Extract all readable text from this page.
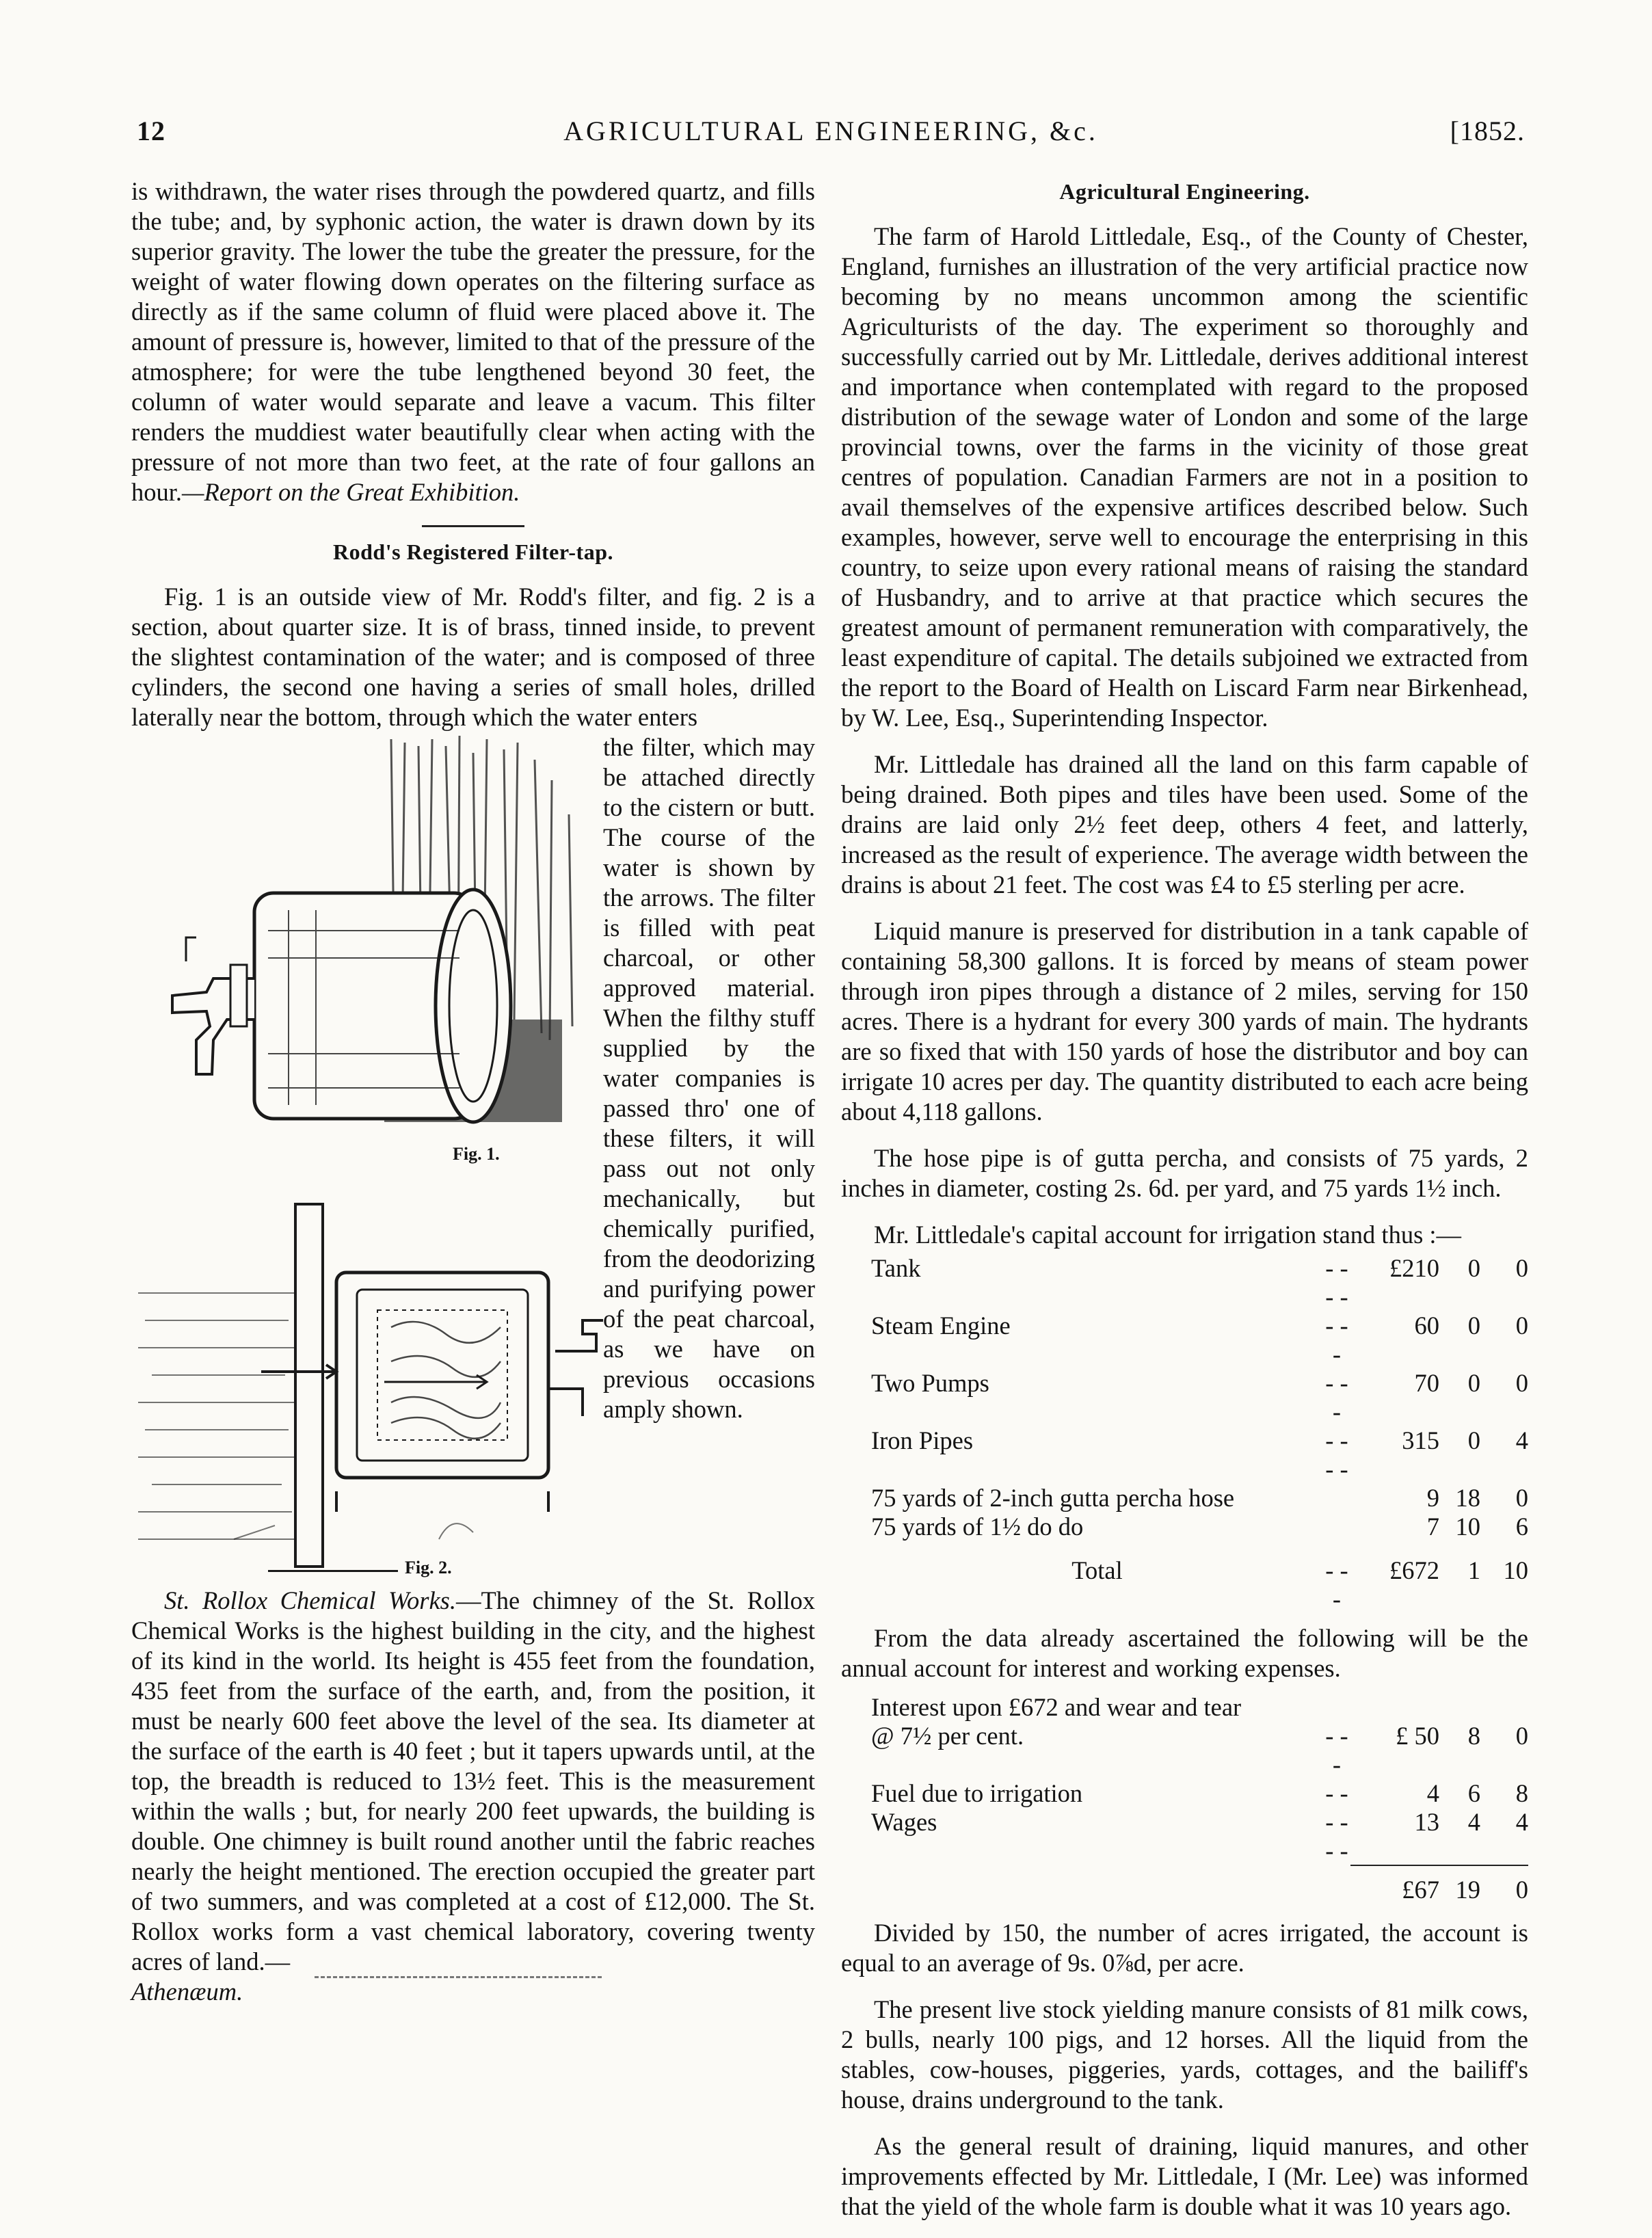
12	AGRICULTURAL ENGINEERING, &c.	[1852.

is withdrawn, the water rises through the powdered quartz, and fills the tube; and, by syphonic action, the water is drawn down by its superior gravity. The lower the tube the greater the pressure, for the weight of water flowing down operates on the filtering surface as directly as if the same column of fluid were placed above it. The amount of pressure is, however, limited to that of the pressure of the atmosphere; for were the tube lengthened beyond 30 feet, the column of water would separate and leave a vacum. This filter renders the muddiest water beautifully clear when acting with the pressure of not more than two feet, at the rate of four gallons an hour.—Report on the Great Exhibition.

Rodd's Registered Filter-tap.

Fig. 1 is an outside view of Mr. Rodd's filter, and fig. 2 is a section, about quarter size. It is of brass, tinned inside, to prevent the slightest contamination of the water; and is composed of three cylinders, the second one having a series of small holes, drilled laterally near the bottom, through which the water enters

Fig. 1.
Fig. 2.
the filter, which may be attached directly to the cistern or butt. The course of the water is shown by the arrows. The filter is filled with peat charcoal, or other approved material. When the filthy stuff supplied by the water companies is passed thro' one of these filters, it will pass out not only mechanically, but chemically purified, from the deodorizing and purifying power of the peat charcoal, as we have on previous occasions amply shown.

St. Rollox Chemical Works.—The chimney of the St. Rollox Chemical Works is the highest building in the city, and the highest of its kind in the world. Its height is 455 feet from the foundation, 435 feet from the surface of the earth, and, from the position, it must be nearly 600 feet above the level of the sea. Its diameter at the surface of the earth is 40 feet ; but it tapers upwards until, at the top, the breadth is reduced to 13½ feet. This is the measurement within the walls ; but, for nearly 200 feet upwards, the building is double. One chimney is built round another until the fabric reaches nearly the height mentioned. The erection occupied the greater part of two summers, and was completed at a cost of £12,000. The St. Rollox works form a vast chemical laboratory, covering twenty acres of land.—
Athenæum.

Agricultural Engineering.

The farm of Harold Littledale, Esq., of the County of Chester, England, furnishes an illustration of the very artificial practice now becoming by no means uncommon among the scientific Agriculturists of the day. The experiment so thoroughly and successfully carried out by Mr. Littledale, derives additional interest and importance when contemplated with regard to the proposed distribution of the sewage water of London and some of the large provincial towns, over the farms in the vicinity of those great centres of population. Canadian Farmers are not in a position to avail themselves of the expensive artifices described below. Such examples, however, serve well to encourage the enterprising in this country, to seize upon every rational means of raising the standard of Husbandry, and to arrive at that practice which secures the greatest amount of permanent remuneration with comparatively, the least expenditure of capital. The details subjoined we extracted from the report to the Board of Health on Liscard Farm near Birkenhead, by W. Lee, Esq., Superintending Inspector.

Mr. Littledale has drained all the land on this farm capable of being drained. Both pipes and tiles have been used. Some of the drains are laid only 2½ feet deep, others 4 feet, and latterly, increased as the result of experience. The average width between the drains is about 21 feet. The cost was £4 to £5 sterling per acre.

Liquid manure is preserved for distribution in a tank capable of containing 58,300 gallons. It is forced by means of steam power through iron pipes through a distance of 2 miles, serving for 150 acres. There is a hydrant for every 300 yards of main. The hydrants are so fixed that with 150 yards of hose the distributor and boy can irrigate 10 acres per day. The quantity distributed to each acre being about 4,118 gallons.

The hose pipe is of gutta percha, and consists of 75 yards, 2 inches in diameter, costing 2s. 6d. per yard, and 75 yards 1½ inch.

Mr. Littledale's capital account for irrigation stand thus :—

Tank	- - - -	£210	0	0
Steam Engine	- - -	60	0	0
Two Pumps	- - -	70	0	0
Iron Pipes	- - - -	315	0	4
75 yards of 2-inch gutta percha hose		9	18	0
75 yards of 1½ do do		7	10	6
Total	- - -	£672	1	10

From the data already ascertained the following will be the annual account for interest and working expenses.

Interest upon £672 and wear and tear				
@ 7½ per cent.	- - -	£ 50	8	0
Fuel due to irrigation	- -	4	6	8
Wages	- - - -	13	4	4

		£67	19	0

Divided by 150, the number of acres irrigated, the account is equal to an average of 9s. 0⅞d, per acre.

The present live stock yielding manure consists of 81 milk cows, 2 bulls, nearly 100 pigs, and 12 horses. All the liquid from the stables, cow-houses, piggeries, yards, cottages, and the bailiff's house, drains underground to the tank.

As the general result of draining, liquid manures, and other improvements effected by Mr. Littledale, I (Mr. Lee) was informed that the yield of the whole farm is double what it was 10 years ago.
